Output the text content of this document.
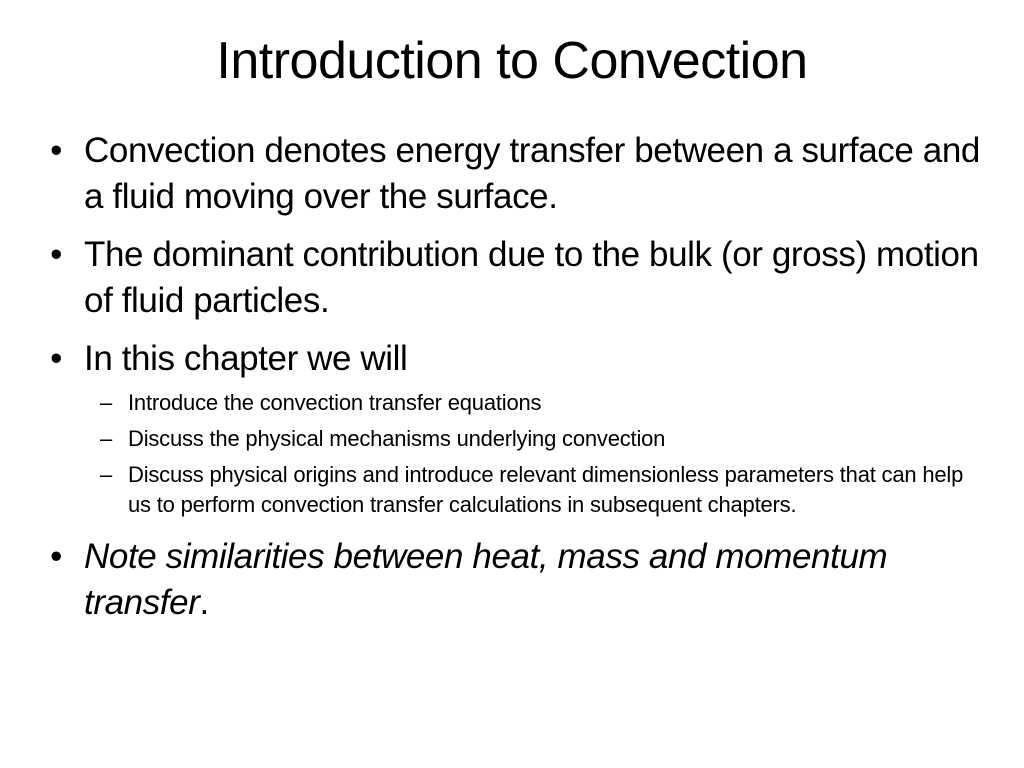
Introduction to Convection
• Convection denotes energy transfer between a surface and a fluid moving over the surface.
• The dominant contribution due to the bulk (or gross) motion of fluid particles.
• In this chapter we will
– Introduce the convection transfer equations
– Discuss the physical mechanisms underlying convection
– Discuss physical origins and introduce relevant dimensionless parameters that can help us to perform convection transfer calculations in subsequent chapters.
• Note similarities between heat, mass and momentum transfer.
